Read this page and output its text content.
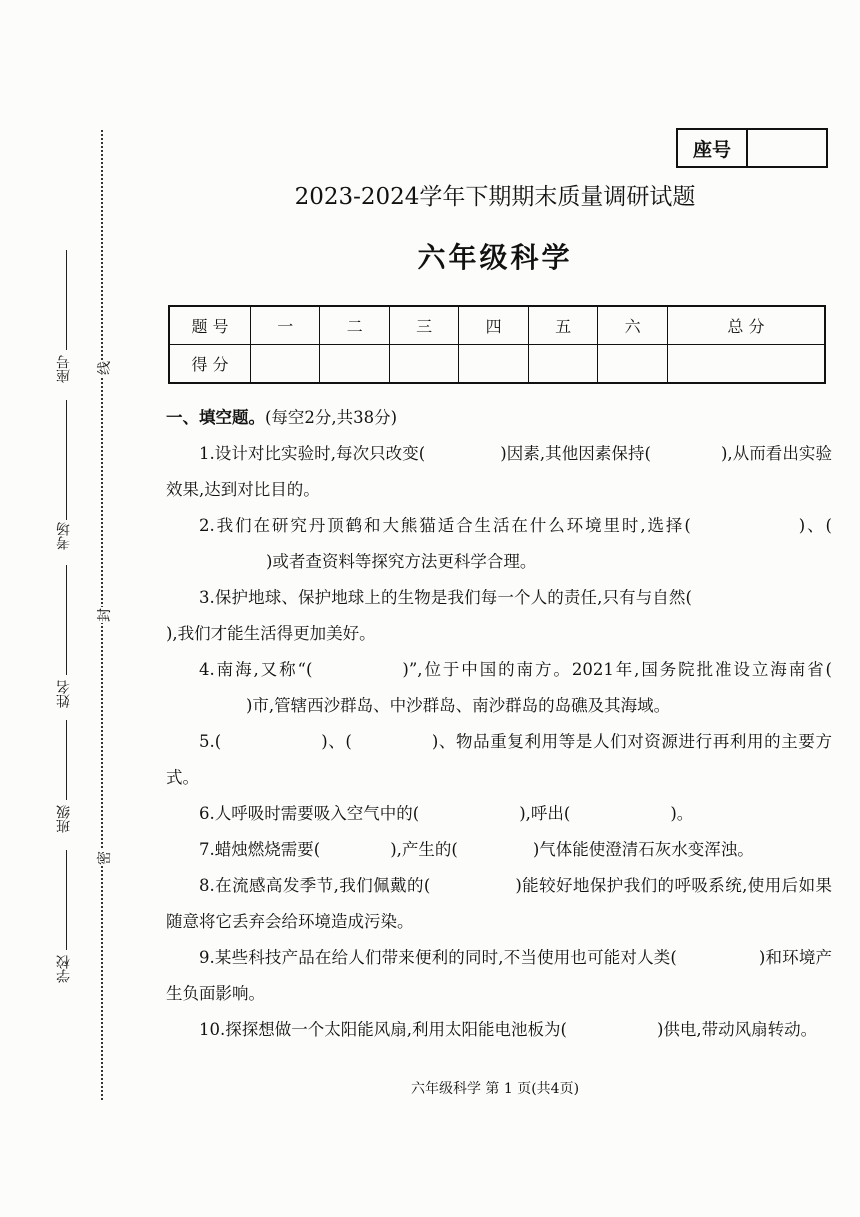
座号
考场
姓名
班级
学校
线
封
密
座号
2023-2024学年下期期末质量调研试题
六年级科学
题 号	一	二	三	四	五	六	总 分
得 分							

一、填空题。(每空2分,共38分)

1.设计对比实验时,每次只改变(	)因素,其他因素保持(	),从而看出实验效果,达到对比目的。

2.我们在研究丹顶鹤和大熊猫适合生活在什么环境里时,选择(	)、()或者查资料等探究方法更科学合理。

3.保护地球、保护地球上的生物是我们每一个人的责任,只有与自然(),我们才能生活得更加美好。

4.南海,又称“(	)”,位于中国的南方。2021年,国务院批准设立海南省()市,管辖西沙群岛、中沙群岛、南沙群岛的岛礁及其海域。

5.(	)、(	)、物品重复利用等是人们对资源进行再利用的主要方式。

6.人呼吸时需要吸入空气中的(	),呼出(	)。

7.蜡烛燃烧需要(	),产生的(	)气体能使澄清石灰水变浑浊。

8.在流感高发季节,我们佩戴的(	)能较好地保护我们的呼吸系统,使用后如果随意将它丢弃会给环境造成污染。

9.某些科技产品在给人们带来便利的同时,不当使用也可能对人类(	)和环境产生负面影响。

10.探探想做一个太阳能风扇,利用太阳能电池板为(	)供电,带动风扇转动。

六年级科学 第 1 页(共4页)
